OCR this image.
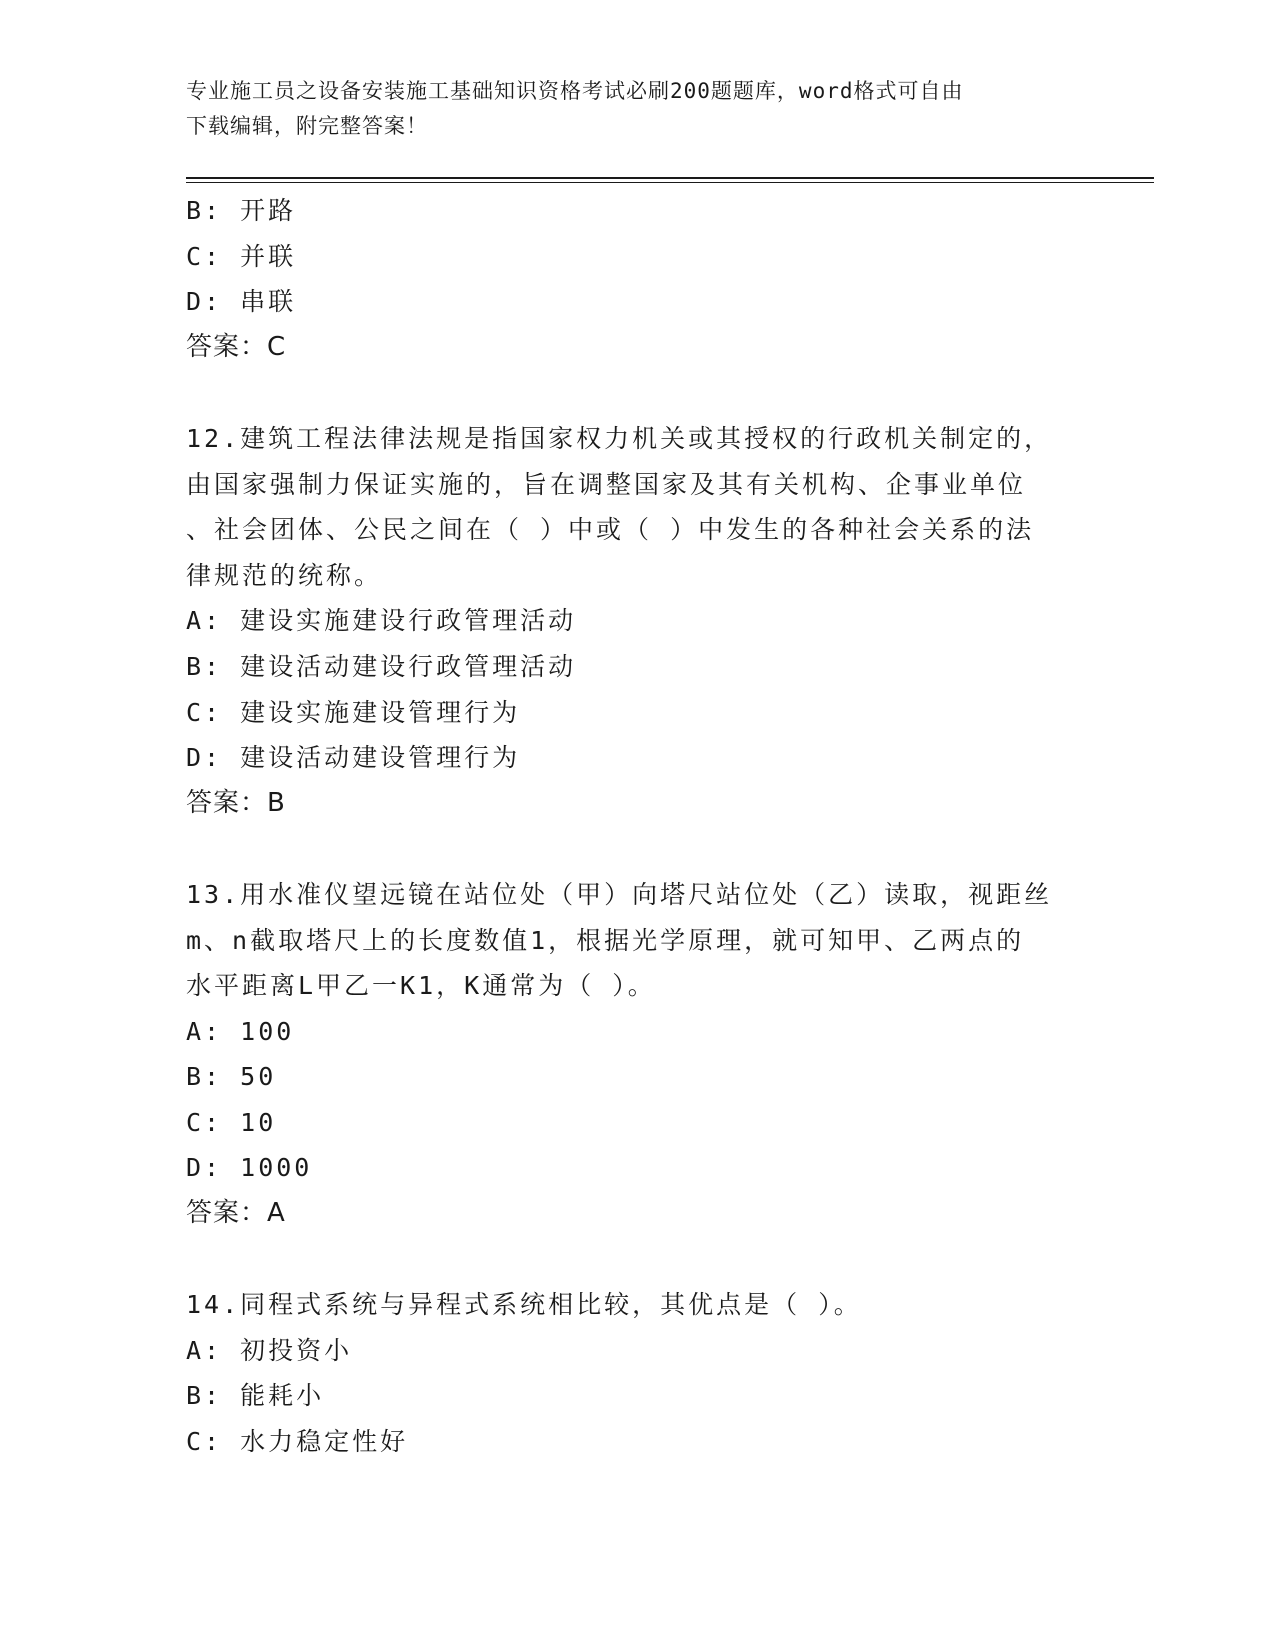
专业施工员之设备安装施工基础知识资格考试必刷200题题库，word格式可自由
下载编辑，附完整答案！
B: 开路
C: 并联
D: 串联
答案：C
12.建筑工程法律法规是指国家权力机关或其授权的行政机关制定的，
由国家强制力保证实施的，旨在调整国家及其有关机构、企事业单位
、社会团体、公民之间在（ ）中或（ ）中发生的各种社会关系的法
律规范的统称。
A: 建设实施建设行政管理活动
B: 建设活动建设行政管理活动
C: 建设实施建设管理行为
D: 建设活动建设管理行为
答案：B
13.用水准仪望远镜在站位处（甲）向塔尺站位处（乙）读取，视距丝
m、n截取塔尺上的长度数值1，根据光学原理，就可知甲、乙两点的
水平距离L甲乙一K1，K通常为（ ）。
A: 100
B: 50
C: 10
D: 1000
答案：A
14.同程式系统与异程式系统相比较，其优点是（ ）。
A: 初投资小
B: 能耗小
C: 水力稳定性好
